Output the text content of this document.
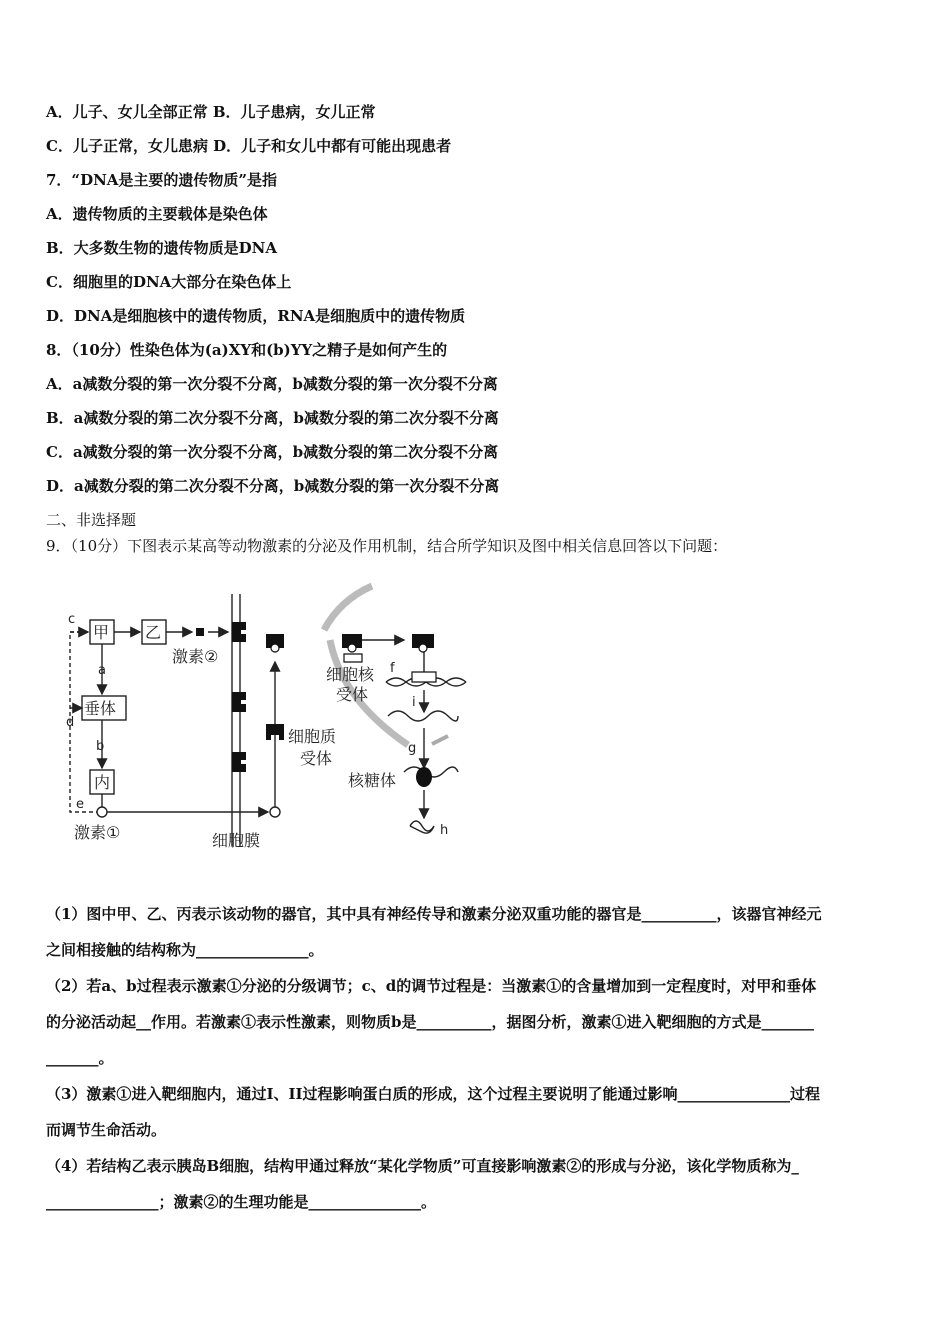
A．儿子、女儿全部正常 B．儿子患病，女儿正常
C．儿子正常，女儿患病 D．儿子和女儿中都有可能出现患者
7．“DNA是主要的遗传物质”是指
A．遗传物质的主要载体是染色体
B．大多数生物的遗传物质是DNA
C．细胞里的DNA大部分在染色体上
D．DNA是细胞核中的遗传物质，RNA是细胞质中的遗传物质
8．（10分）性染色体为(a)XY和(b)YY之精子是如何产生的
A．a减数分裂的第一次分裂不分离，b减数分裂的第一次分裂不分离
B．a减数分裂的第二次分裂不分离，b减数分裂的第二次分裂不分离
C．a减数分裂的第一次分裂不分离，b减数分裂的第二次分裂不分离
D．a减数分裂的第二次分裂不分离，b减数分裂的第一次分裂不分离
二、非选择题
9．（10分）下图表示某高等动物激素的分泌及作用机制，结合所学知识及图中相关信息回答以下问题：
甲 乙
垂体
内
激素②
激素①	细胞膜
细胞质
受体
细胞核
受体
核糖体
c
a
d
b
e
f
i
g
h
（1）图中甲、乙、丙表示该动物的器官，其中具有神经传导和激素分泌双重功能的器官是__________，该器官神经元
之间相接触的结构称为_______________。
（2）若a、b过程表示激素①分泌的分级调节；c、d的调节过程是：当激素①的含量增加到一定程度时，对甲和垂体
的分泌活动起__作用。若激素①表示性激素，则物质b是__________，据图分析，激素①进入靶细胞的方式是_______
_______。
（3）激素①进入靶细胞内，通过I、II过程影响蛋白质的形成，这个过程主要说明了能通过影响_______________过程
而调节生命活动。
（4）若结构乙表示胰岛B细胞，结构甲通过释放“某化学物质”可直接影响激素②的形成与分泌，该化学物质称为_
_______________；激素②的生理功能是_______________。
